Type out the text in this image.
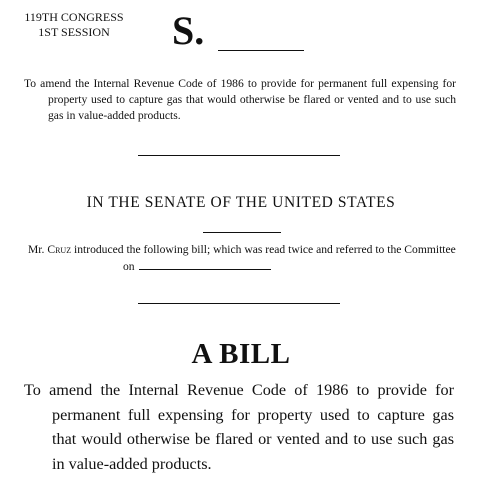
119TH CONGRESS
1ST SESSION	S.

To amend the Internal Revenue Code of 1986 to provide for permanent full expensing for property used to capture gas that would otherwise be flared or vented and to use such gas in value-added products.

IN THE SENATE OF THE UNITED STATES

Mr. Cruz introduced the following bill; which was read twice and referred to the Committee on

A BILL

To amend the Internal Revenue Code of 1986 to provide for permanent full expensing for property used to capture gas that would otherwise be flared or vented and to use such gas in value-added products.
